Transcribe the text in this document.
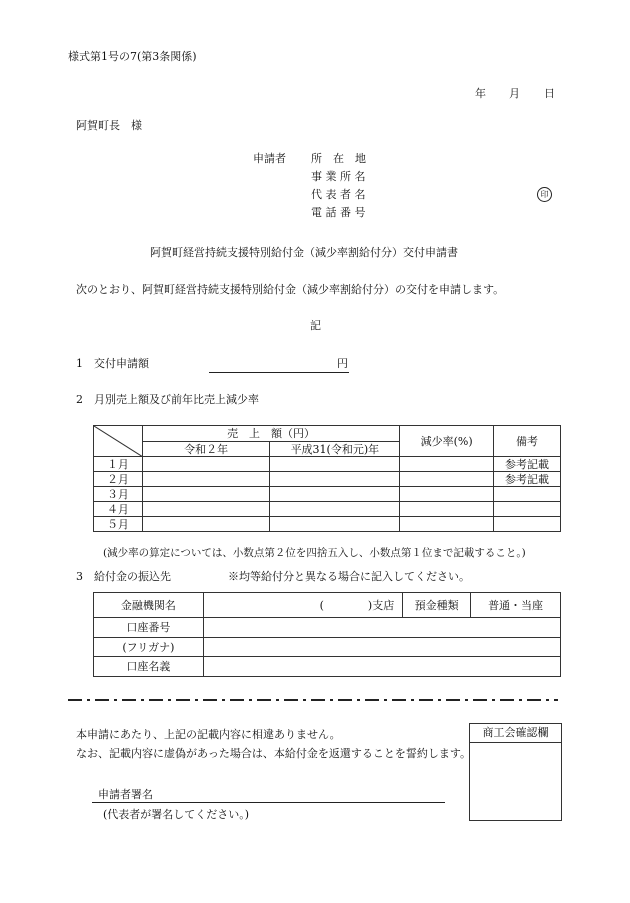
様式第1号の7(第3条関係)
年 月 日
阿賀町長　様
申請者 所　在　地
事 業 所 名
代 表 者 名	印
電 話 番 号
阿賀町経営持続支援特別給付金（減少率割給付分）交付申請書
次のとおり、阿賀町経営持続支援特別給付金（減少率割給付分）の交付を申請します。
記
1　交付申請額	円
2　月別売上額及び前年比売上減少率
	売　上　額（円）		減少率(%)	備考
	令和２年	平成31(令和元)年		
１月				参考記載
２月				参考記載
３月				
４月				
５月				
(減少率の算定については、小数点第２位を四捨五入し、小数点第１位まで記載すること。)
3　給付金の振込先	※均等給付分と異なる場合に記入してください。
金融機関名	(　　　　)支店	預金種類	普通・当座
口座番号			
(フリガナ)			
口座名義			
本申請にあたり、上記の記載内容に相違ありません。
なお、記載内容に虚偽があった場合は、本給付金を返還することを誓約します。
商工会確認欄
申請者署名
(代表者が署名してください。)
